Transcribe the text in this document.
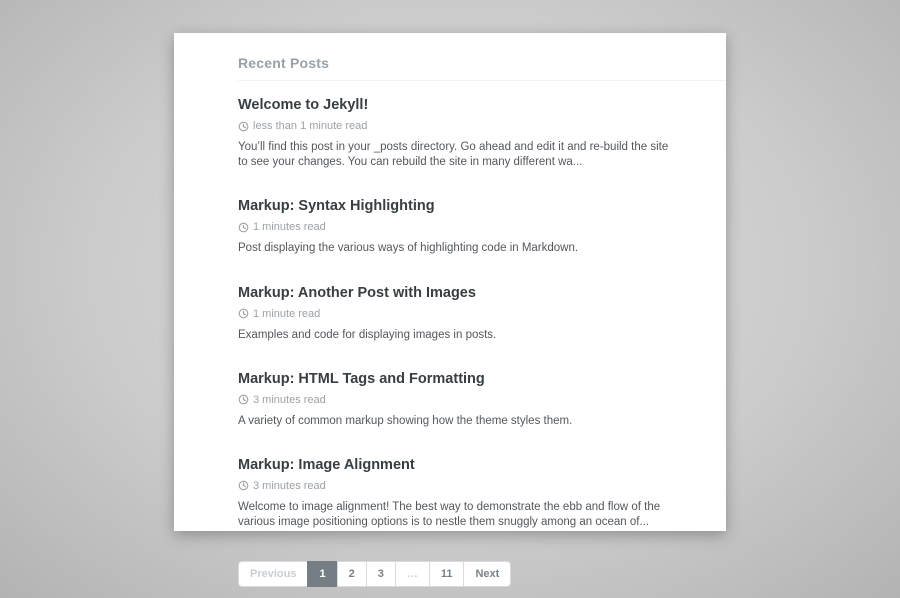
Recent Posts
Welcome to Jekyll!
less than 1 minute read

You’ll find this post in your _posts directory. Go ahead and edit it and re-build the site to see your changes. You can rebuild the site in many different wa...

Markup: Syntax Highlighting
1 minutes read

Post displaying the various ways of highlighting code in Markdown.

Markup: Another Post with Images
1 minute read

Examples and code for displaying images in posts.

Markup: HTML Tags and Formatting
3 minutes read

A variety of common markup showing how the theme styles them.

Markup: Image Alignment
3 minutes read

Welcome to image alignment! The best way to demonstrate the ebb and flow of the various image positioning options is to nestle them snuggly among an ocean of...

Previous	1	2	3	…	11	Next
